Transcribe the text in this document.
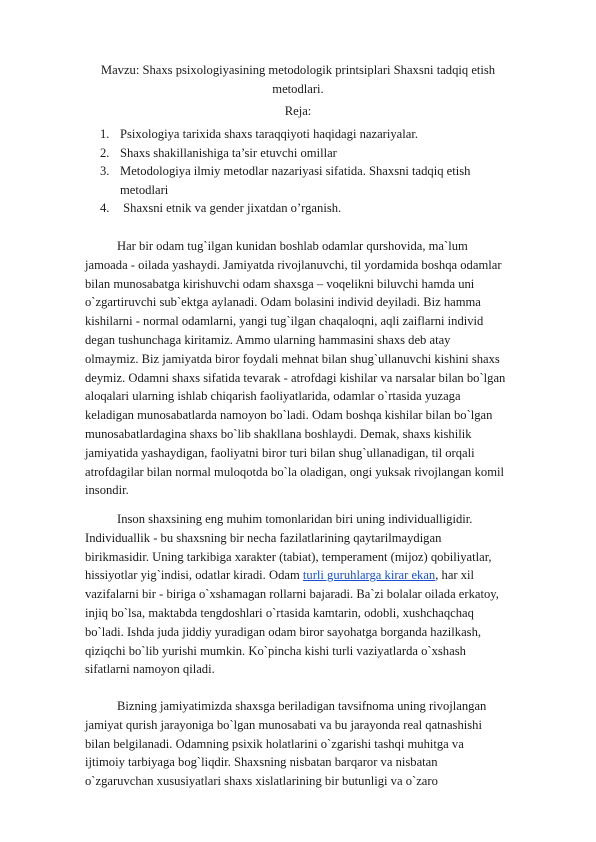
Mavzu: Shaxs psixologiyasining metodologik printsiplari Shaxsni tadqiq etish
metodlari.
Reja:
1. Psixologiya tarixida shaxs taraqqiyoti haqidagi nazariyalar.
2. Shaxs shakillanishiga ta’sir etuvchi omillar
3. Metodologiya ilmiy metodlar nazariyasi sifatida. Shaxsni tadqiq etish
metodlari
4. Shaxsni etnik va gender jixatdan o’rganish.
Har bir odam tug`ilgan kunidan boshlab odamlar qurshovida, ma`lum
jamoada - oilada yashaydi. Jamiyatda rivojlanuvchi, til yordamida boshqa odamlar
bilan munosabatga kirishuvchi odam shaxsga – voqelikni biluvchi hamda uni
o`zgartiruvchi sub`ektga aylanadi. Odam bolasini individ deyiladi. Biz hamma
kishilarni - normal odamlarni, yangi tug`ilgan chaqaloqni, aqli zaiflarni individ
degan tushunchaga kiritamiz. Ammo ularning hammasini shaxs deb atay
olmaymiz. Biz jamiyatda biror foydali mehnat bilan shug`ullanuvchi kishini shaxs
deymiz. Odamni shaxs sifatida tevarak - atrofdagi kishilar va narsalar bilan bo`lgan
aloqalari ularning ishlab chiqarish faoliyatlarida, odamlar o`rtasida yuzaga
keladigan munosabatlarda namoyon bo`ladi. Odam boshqa kishilar bilan bo`lgan
munosabatlardagina shaxs bo`lib shakllana boshlaydi. Demak, shaxs kishilik
jamiyatida yashaydigan, faoliyatni biror turi bilan shug`ullanadigan, til orqali
atrofdagilar bilan normal muloqotda bo`la oladigan, ongi yuksak rivojlangan komil
insondir.
Inson shaxsining eng muhim tomonlaridan biri uning individualligidir.
Individuallik - bu shaxsning bir necha fazilatlarining qaytarilmaydigan
birikmasidir. Uning tarkibiga xarakter (tabiat), temperament (mijoz) qobiliyatlar,
hissiyotlar yig`indisi, odatlar kiradi. Odam turli guruhlarga kirar ekan, har xil
vazifalarni bir - biriga o`xshamagan rollarni bajaradi. Ba`zi bolalar oilada erkatoy,
injiq bo`lsa, maktabda tengdoshlari o`rtasida kamtarin, odobli, xushchaqchaq
bo`ladi. Ishda juda jiddiy yuradigan odam biror sayohatga borganda hazilkash,
qiziqchi bo`lib yurishi mumkin. Ko`pincha kishi turli vaziyatlarda o`xshash
sifatlarni namoyon qiladi.
Bizning jamiyatimizda shaxsga beriladigan tavsifnoma uning rivojlangan
jamiyat qurish jarayoniga bo`lgan munosabati va bu jarayonda real qatnashishi
bilan belgilanadi. Odamning psixik holatlarini o`zgarishi tashqi muhitga va
ijtimoiy tarbiyaga bog`liqdir. Shaxsning nisbatan barqaror va nisbatan
o`zgaruvchan xususiyatlari shaxs xislatlarining bir butunligi va o`zaro
